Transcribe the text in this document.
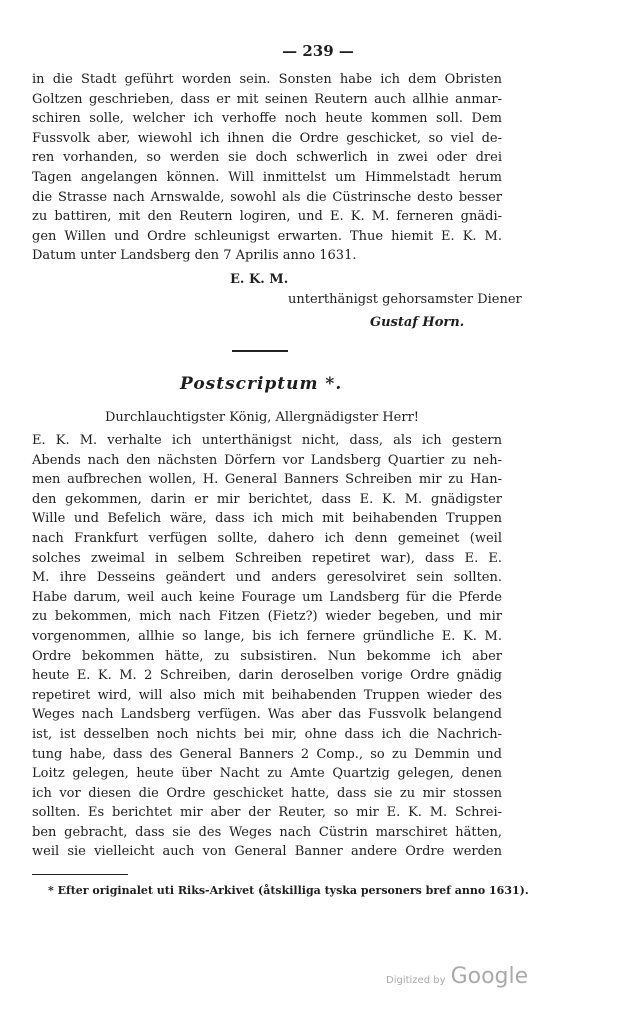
— 239 —
in die Stadt geführt worden sein. Sonsten habe ich dem Obristen
Goltzen geschrieben, dass er mit seinen Reutern auch allhie anmar-
schiren solle, welcher ich verhoffe noch heute kommen soll. Dem
Fussvolk aber, wiewohl ich ihnen die Ordre geschicket, so viel de-
ren vorhanden, so werden sie doch schwerlich in zwei oder drei
Tagen angelangen können. Will inmittelst um Himmelstadt herum
die Strasse nach Arnswalde, sowohl als die Cüstrinsche desto besser
zu battiren, mit den Reutern logiren, und E. K. M. ferneren gnädi-
gen Willen und Ordre schleunigst erwarten. Thue hiemit E. K. M.
Datum unter Landsberg den 7 Aprilis anno 1631.
E. K. M.
unterthänigst gehorsamster Diener
Gustaf Horn.
Postscriptum *.
Durchlauchtigster König, Allergnädigster Herr!
E. K. M. verhalte ich unterthänigst nicht, dass, als ich gestern
Abends nach den nächsten Dörfern vor Landsberg Quartier zu neh-
men aufbrechen wollen, H. General Banners Schreiben mir zu Han-
den gekommen, darin er mir berichtet, dass E. K. M. gnädigster
Wille und Befelich wäre, dass ich mich mit beihabenden Truppen
nach Frankfurt verfügen sollte, dahero ich denn gemeinet (weil
solches zweimal in selbem Schreiben repetiret war), dass E. E.
M. ihre Desseins geändert und anders geresolviret sein sollten.
Habe darum, weil auch keine Fourage um Landsberg für die Pferde
zu bekommen, mich nach Fitzen (Fietz?) wieder begeben, und mir
vorgenommen, allhie so lange, bis ich fernere gründliche E. K. M.
Ordre bekommen hätte, zu subsistiren. Nun bekomme ich aber
heute E. K. M. 2 Schreiben, darin deroselben vorige Ordre gnädig
repetiret wird, will also mich mit beihabenden Truppen wieder des
Weges nach Landsberg verfügen. Was aber das Fussvolk belangend
ist, ist desselben noch nichts bei mir, ohne dass ich die Nachrich-
tung habe, dass des General Banners 2 Comp., so zu Demmin und
Loitz gelegen, heute über Nacht zu Amte Quartzig gelegen, denen
ich vor diesen die Ordre geschicket hatte, dass sie zu mir stossen
sollten. Es berichtet mir aber der Reuter, so mir E. K. M. Schrei-
ben gebracht, dass sie des Weges nach Cüstrin marschiret hätten,
weil sie vielleicht auch von General Banner andere Ordre werden
* Efter originalet uti Riks-Arkivet (åtskilliga tyska personers bref anno 1631).
Digitized by Google
